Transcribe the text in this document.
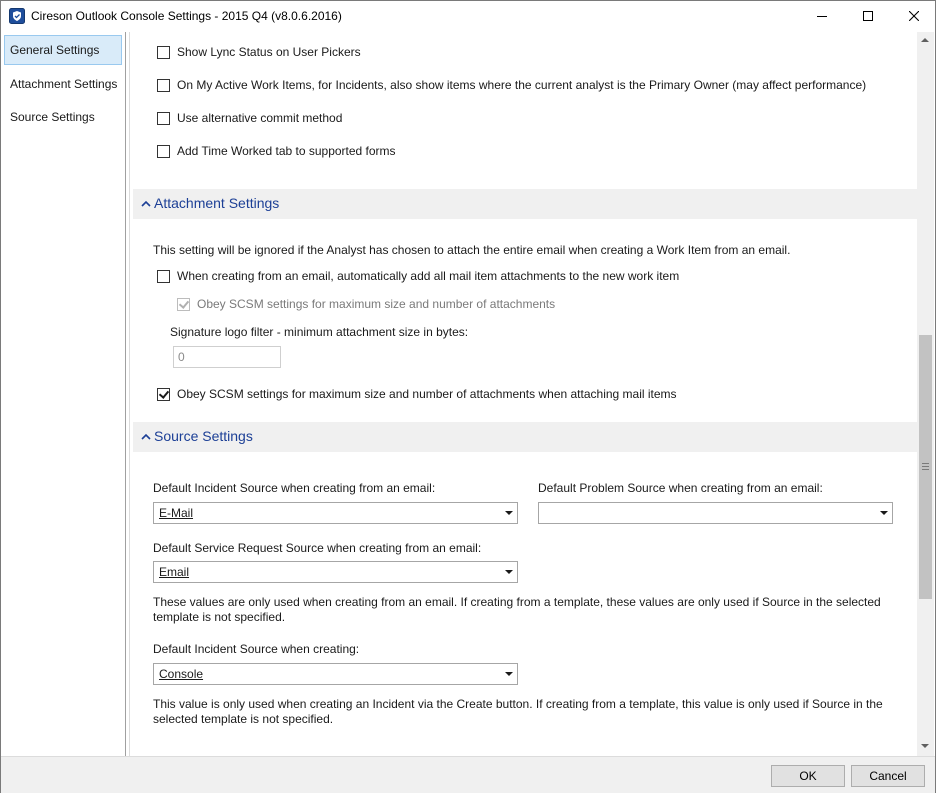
Cireson Outlook Console Settings - 2015 Q4 (v8.0.6.2016)
General Settings
Attachment Settings
Source Settings
Show Lync Status on User Pickers
On My Active Work Items, for Incidents, also show items where the current analyst is the Primary Owner (may affect performance)
Use alternative commit method
Add Time Worked tab to supported forms
Attachment Settings
This setting will be ignored if the Analyst has chosen to attach the entire email when creating a Work Item from an email.
When creating from an email, automatically add all mail item attachments to the new work item
Obey SCSM settings for maximum size and number of attachments
Signature logo filter - minimum attachment size in bytes:
0
Obey SCSM settings for maximum size and number of attachments when attaching mail items
Source Settings
Default Incident Source when creating from an email:	Default Problem Source when creating from an email:
E-Mail
Default Service Request Source when creating from an email:
Email
These values are only used when creating from an email. If creating from a template, these values are only used if Source in the selected template is not specified.
Default Incident Source when creating:
Console
This value is only used when creating an Incident via the Create button. If creating from a template, this value is only used if Source in the selected template is not specified.
OK	Cancel
